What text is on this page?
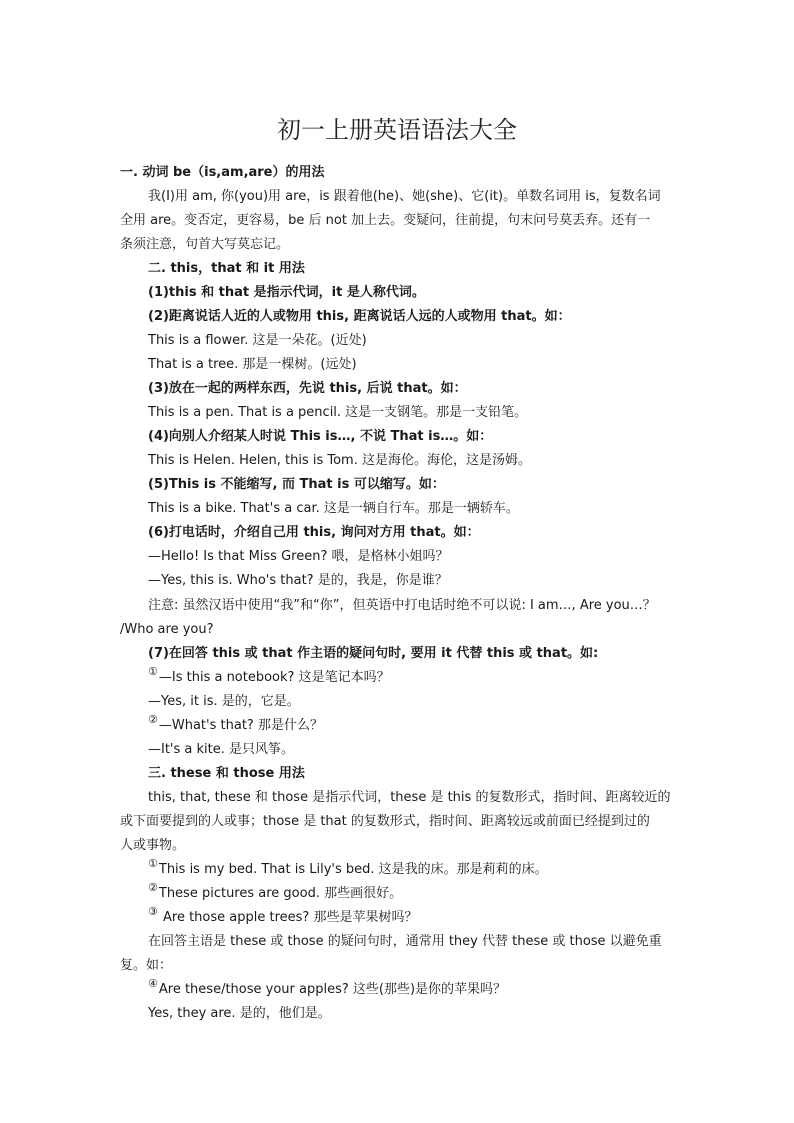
初一上册英语语法大全
一. 动词 be（is,am,are）的用法
我(I)用 am, 你(you)用 are，is 跟着他(he)、她(she)、它(it)。单数名词用 is，复数名词
全用 are。变否定，更容易，be 后 not 加上去。变疑问，往前提，句末问号莫丢弃。还有一
条须注意，句首大写莫忘记。
二. this，that 和 it 用法
(1)this 和 that 是指示代词，it 是人称代词。
(2)距离说话人近的人或物用 this, 距离说话人远的人或物用 that。如：
This is a flower. 这是一朵花。(近处)
That is a tree. 那是一棵树。(远处)
(3)放在一起的两样东西，先说 this, 后说 that。如：
This is a pen. That is a pencil. 这是一支钢笔。那是一支铅笔。
(4)向别人介绍某人时说 This is…, 不说 That is…。如：
This is Helen. Helen, this is Tom. 这是海伦。海伦，这是汤姆。
(5)This is 不能缩写, 而 That is 可以缩写。如：
This is a bike. That's a car. 这是一辆自行车。那是一辆轿车。
(6)打电话时，介绍自己用 this, 询问对方用 that。如：
—Hello! Is that Miss Green? 喂，是格林小姐吗？
—Yes, this is. Who's that? 是的，我是，你是谁？
注意: 虽然汉语中使用“我”和“你”，但英语中打电话时绝不可以说: I am…, Are you…？
/Who are you?
(7)在回答 this 或 that 作主语的疑问句时, 要用 it 代替 this 或 that。如:
①—Is this a notebook? 这是笔记本吗？
—Yes, it is. 是的，它是。
②—What's that? 那是什么？
—It's a kite. 是只风筝。
三. these 和 those 用法
this, that, these 和 those 是指示代词，these 是 this 的复数形式，指时间、距离较近的
或下面要提到的人或事；those 是 that 的复数形式，指时间、距离较远或前面已经提到过的
人或事物。
①This is my bed. That is Lily's bed. 这是我的床。那是莉莉的床。
②These pictures are good. 那些画很好。
③ Are those apple trees? 那些是苹果树吗？
在回答主语是 these 或 those 的疑问句时，通常用 they 代替 these 或 those 以避免重
复。如：
④Are these/those your apples? 这些(那些)是你的苹果吗？
Yes, they are. 是的，他们是。
